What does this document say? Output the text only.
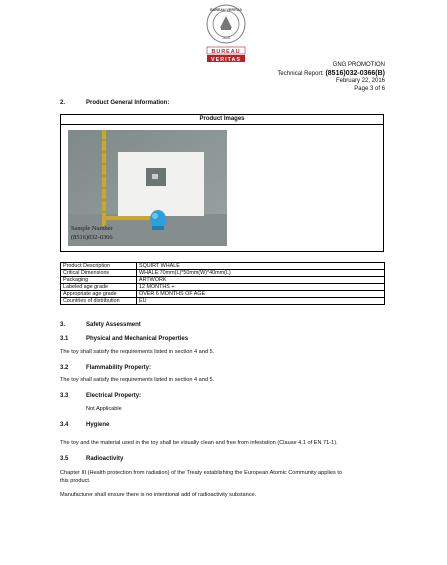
BUREAU VERITAS
1828
BUREAU
VERITAS
GNG PROMOTION
Technical Report: (8516)032-0366(B)
February 22, 2016
Page 3 of 6
2.	Product General Information:
Product Images
Sample Number
(8516)032-0366
Product Description	SQUIRT WHALE
Critical Dimensions	WHALE:70mm(L)*50mm(W)*40mm(L)
Packaging	ARTWORK
Labeled age grade	12 MONTHS +
Appropriate age grade	OVER 6 MONTHS OF AGE
Countries of distribution	EU
3.	Safety Assessment
3.1	Physical and Mechanical Properties
The toy shall satisfy the requirements listed in section 4 and 5.
3.2	Flammability Property:
The toy shall satisfy the requirements listed in section 4 and 5.
3.3	Electrical Property:
Not Applicable
3.4	Hygiene
The toy and the material used in the toy shall be visually clean and free from infestation (Clause 4.1 of EN 71-1).
3.5	Radioactivity
Chapter III (Health protection from radiation) of the Treaty establishing the European Atomic Community applies to
this product.
Manufacturer shall ensure there is no intentional add of radioactivity substance.
